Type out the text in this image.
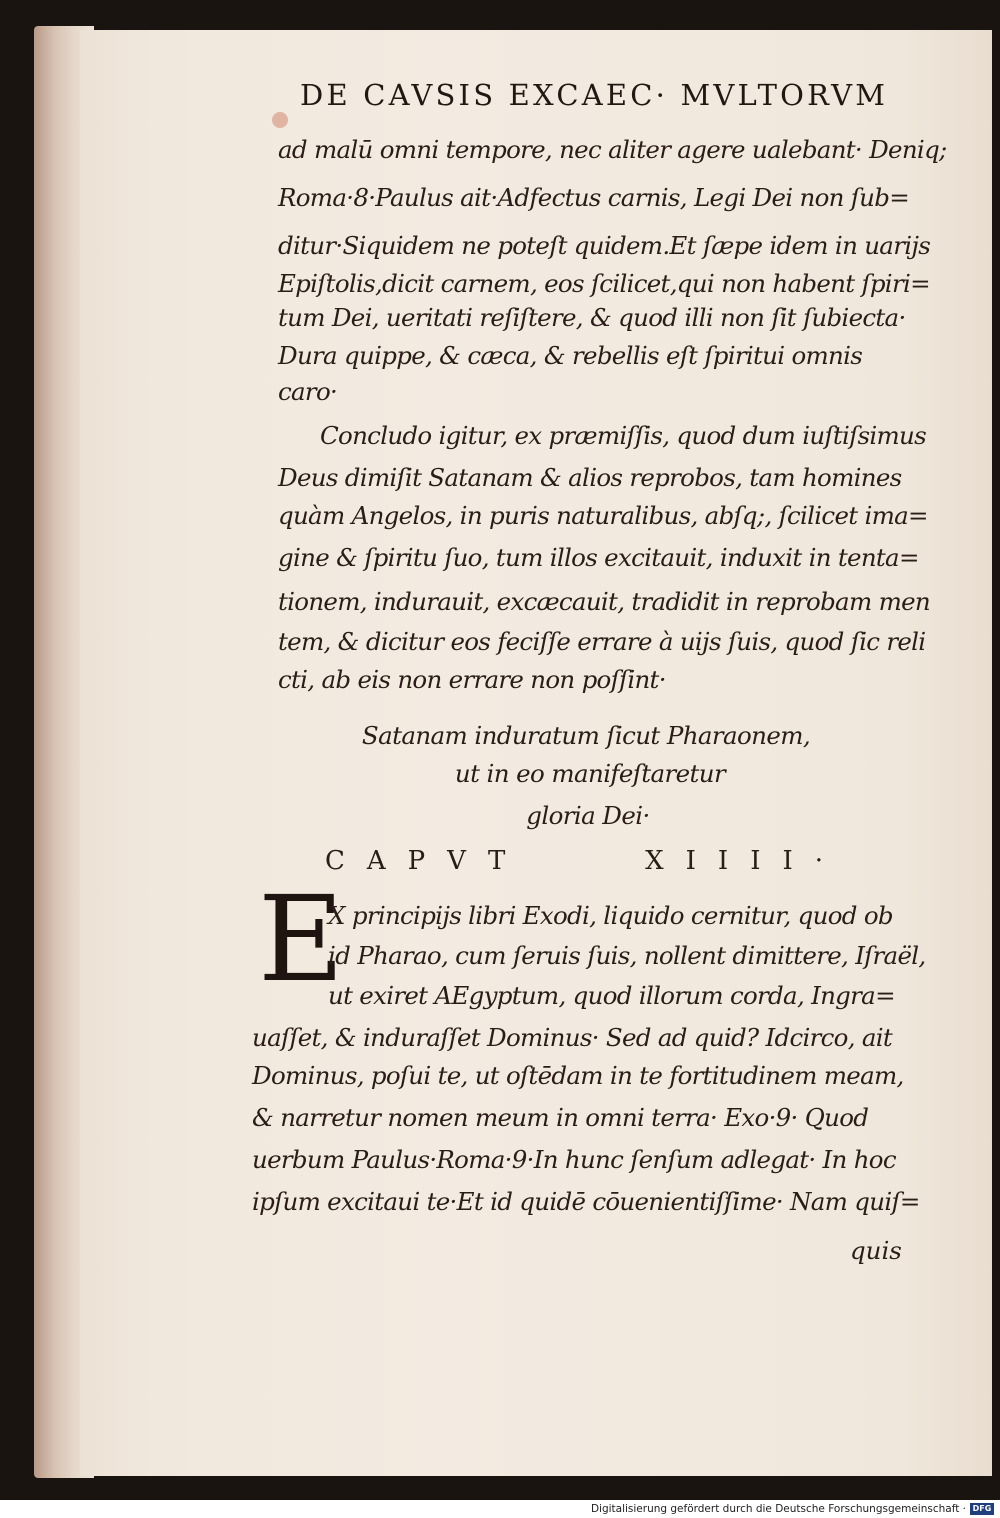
DE CAVSIS EXCAEC· MVLTORVM
ad malū omni tempore, nec aliter agere ualebant· Deniq;
Roma·8·Paulus ait·Adfectus carnis, Legi Dei non ſub=
ditur·Siquidem ne poteſt quidem.Et ſæpe idem in uarijs
Epiſtolis,dicit carnem, eos ſcilicet,qui non habent ſpiri=
tum Dei, ueritati reſiſtere, & quod illi non ſit ſubiecta·
Dura quippe, & cæca, & rebellis eſt ſpiritui omnis
caro·
Concludo igitur, ex præmiſſis, quod dum iuſtiſsimus
Deus dimiſit Satanam & alios reprobos, tam homines
quàm Angelos, in puris naturalibus, abſq;, ſcilicet ima=
gine & ſpiritu ſuo, tum illos excitauit, induxit in tenta=
tionem, indurauit, excæcauit, tradidit in reprobam men
tem, & dicitur eos feciſſe errare à uijs ſuis, quod ſic reli
cti, ab eis non errare non poſſint·
Satanam induratum ſicut Pharaonem,
ut in eo manifeſtaretur
gloria Dei·
CAPVT	XIIII·
E
X principijs libri Exodi, liquido cernitur, quod ob
id Pharao, cum ſeruis ſuis, nollent dimittere, Iſraël,
ut exiret AEgyptum, quod illorum corda, Ingra=
uaſſet, & induraſſet Dominus· Sed ad quid? Idcirco, ait
Dominus, poſui te, ut oſtēdam in te fortitudinem meam,
& narretur nomen meum in omni terra· Exo·9· Quod
uerbum Paulus·Roma·9·In hunc ſenſum adlegat· In hoc
ipſum excitaui te·Et id quidē cōuenientiſſime· Nam quiſ=
quis
Digitalisierung gefördert durch die Deutsche Forschungsgemeinschaft · DFG
